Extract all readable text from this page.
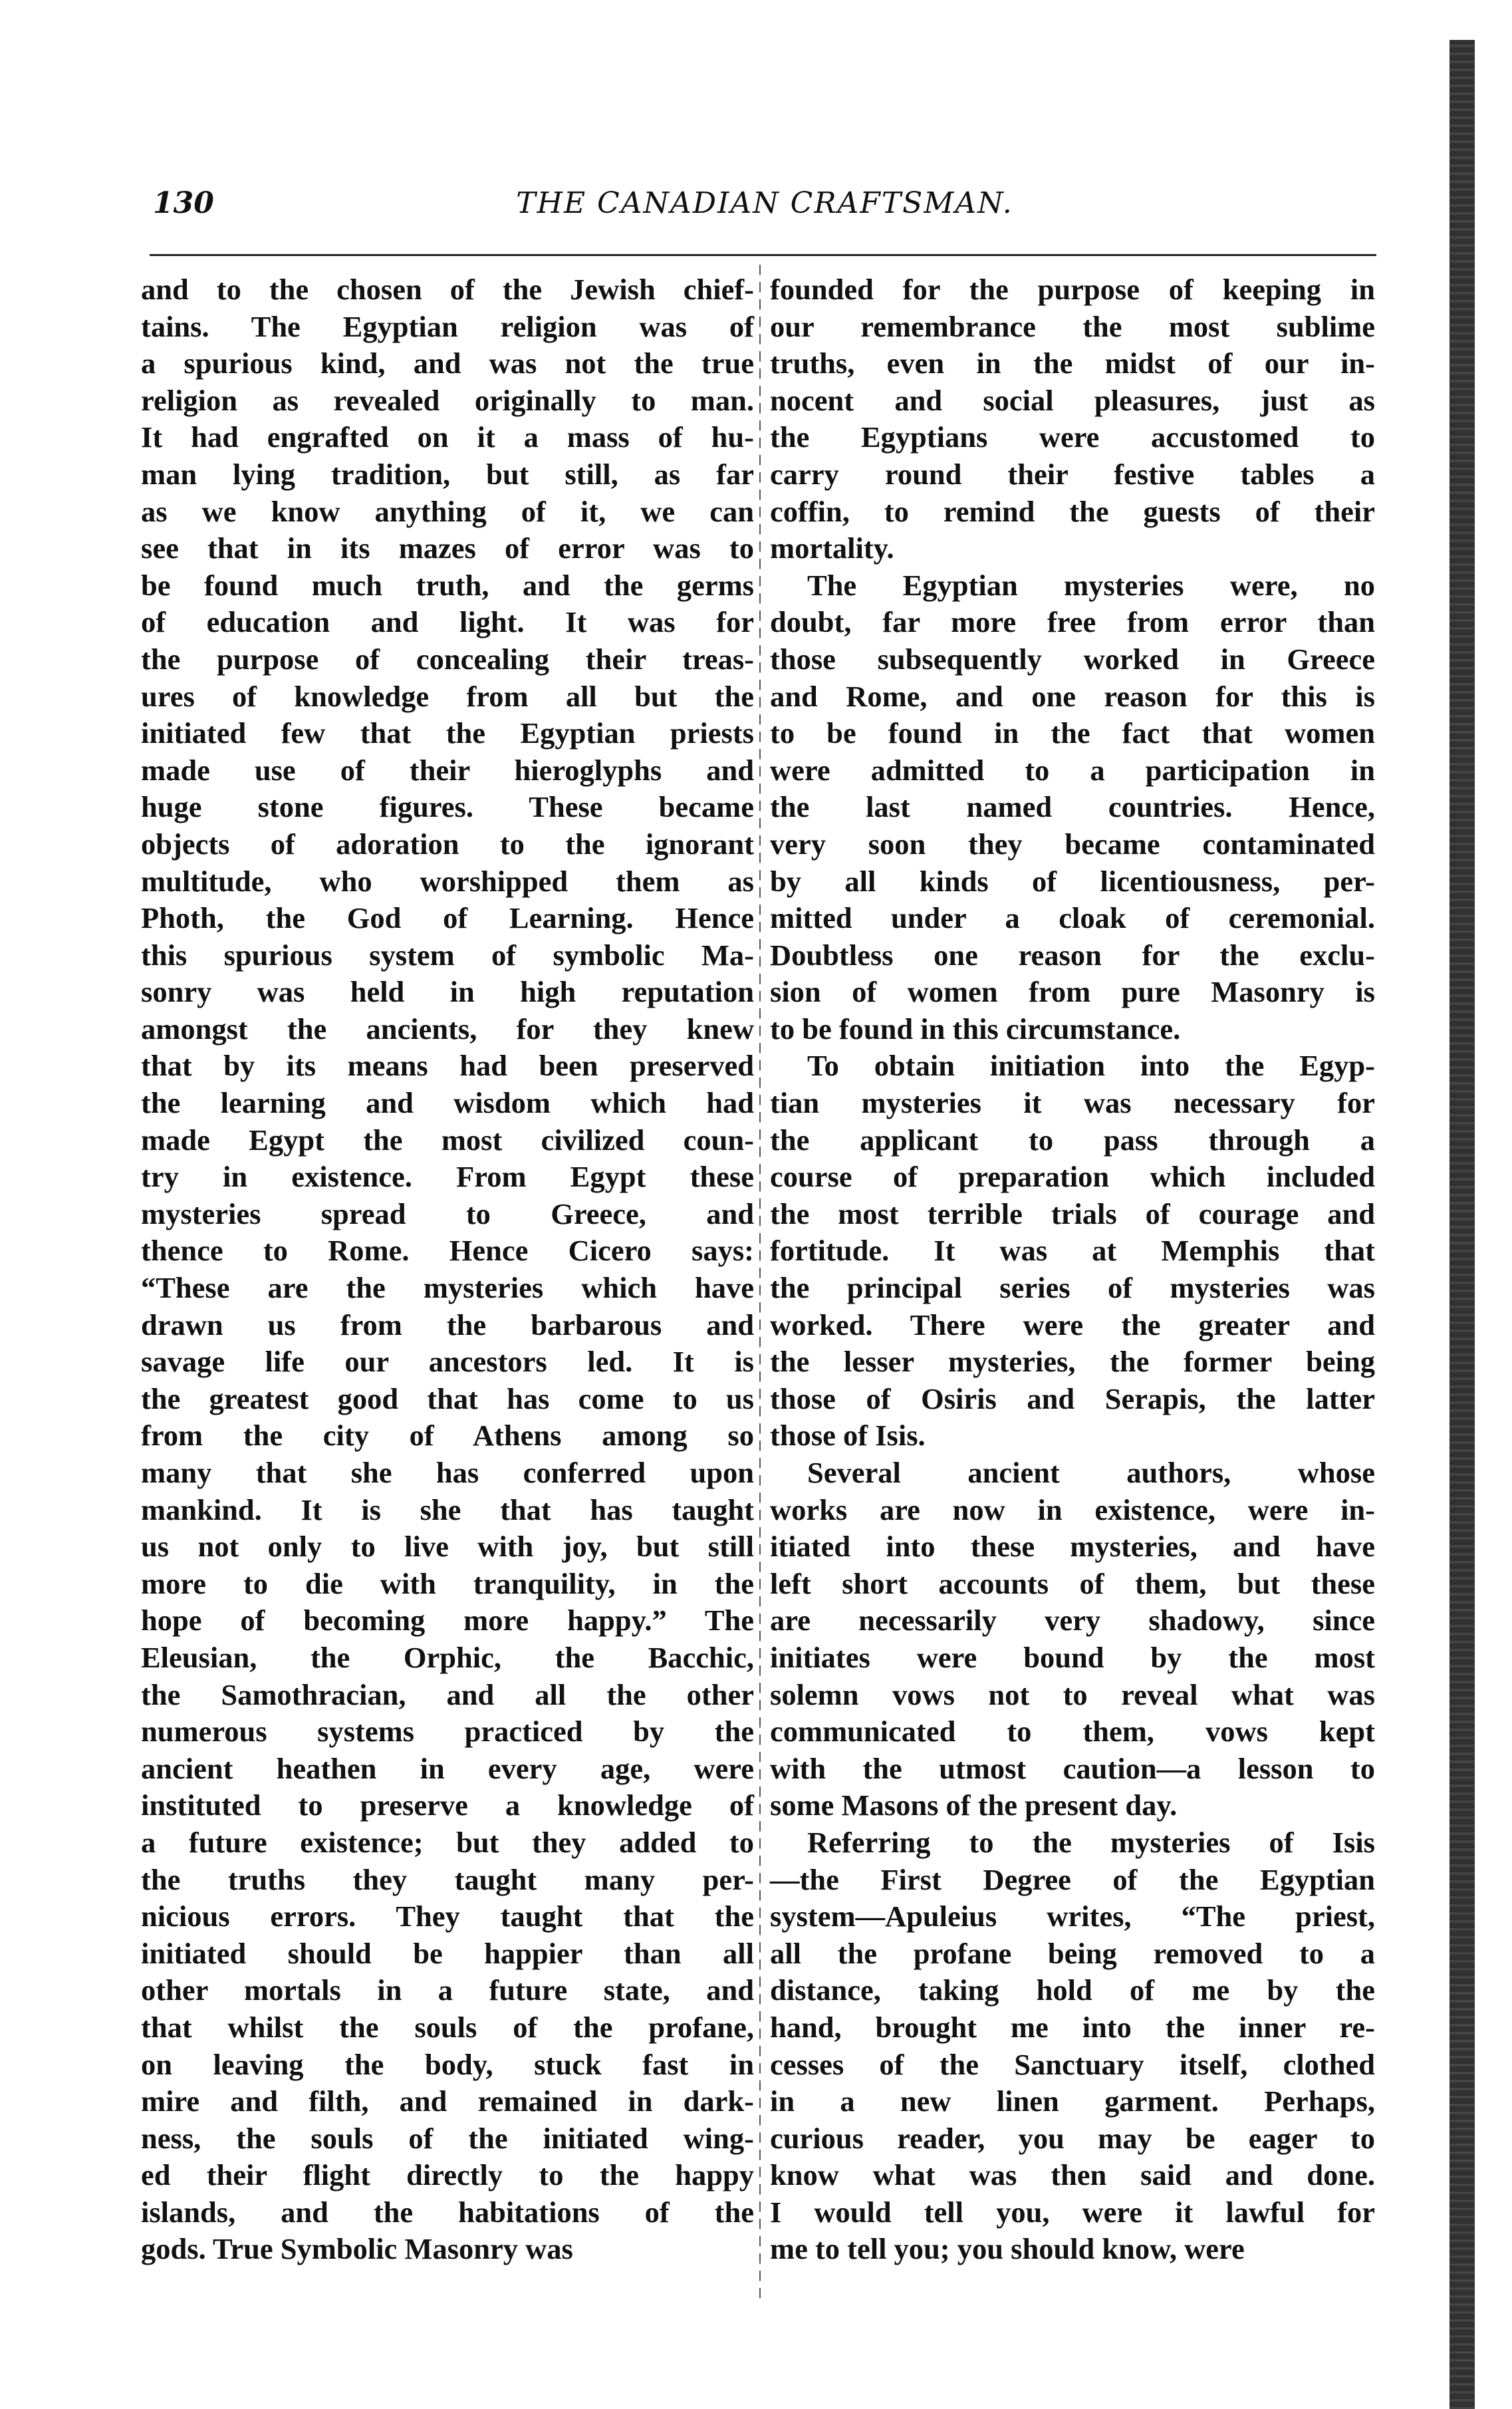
130	THE CANADIAN CRAFTSMAN.
and to the chosen of the Jewish chief-
tains. The Egyptian religion was of
a spurious kind, and was not the true
religion as revealed originally to man.
It had engrafted on it a mass of hu-
man lying tradition, but still, as far
as we know anything of it, we can
see that in its mazes of error was to
be found much truth, and the germs
of education and light. It was for
the purpose of concealing their treas-
ures of knowledge from all but the
initiated few that the Egyptian priests
made use of their hieroglyphs and
huge stone figures. These became
objects of adoration to the ignorant
multitude, who worshipped them as
Photh, the God of Learning. Hence
this spurious system of symbolic Ma-
sonry was held in high reputation
amongst the ancients, for they knew
that by its means had been preserved
the learning and wisdom which had
made Egypt the most civilized coun-
try in existence. From Egypt these
mysteries spread to Greece, and
thence to Rome. Hence Cicero says:
“These are the mysteries which have
drawn us from the barbarous and
savage life our ancestors led. It is
the greatest good that has come to us
from the city of Athens among so
many that she has conferred upon
mankind. It is she that has taught
us not only to live with joy, but still
more to die with tranquility, in the
hope of becoming more happy.” The
Eleusian, the Orphic, the Bacchic,
the Samothracian, and all the other
numerous systems practiced by the
ancient heathen in every age, were
instituted to preserve a knowledge of
a future existence; but they added to
the truths they taught many per-
nicious errors. They taught that the
initiated should be happier than all
other mortals in a future state, and
that whilst the souls of the profane,
on leaving the body, stuck fast in
mire and filth, and remained in dark-
ness, the souls of the initiated wing-
ed their flight directly to the happy
islands, and the habitations of the
gods. True Symbolic Masonry was
founded for the purpose of keeping in
our remembrance the most sublime
truths, even in the midst of our in-
nocent and social pleasures, just as
the Egyptians were accustomed to
carry round their festive tables a
coffin, to remind the guests of their
mortality.
The Egyptian mysteries were, no
doubt, far more free from error than
those subsequently worked in Greece
and Rome, and one reason for this is
to be found in the fact that women
were admitted to a participation in
the last named countries. Hence,
very soon they became contaminated
by all kinds of licentiousness, per-
mitted under a cloak of ceremonial.
Doubtless one reason for the exclu-
sion of women from pure Masonry is
to be found in this circumstance.
To obtain initiation into the Egyp-
tian mysteries it was necessary for
the applicant to pass through a
course of preparation which included
the most terrible trials of courage and
fortitude. It was at Memphis that
the principal series of mysteries was
worked. There were the greater and
the lesser mysteries, the former being
those of Osiris and Serapis, the latter
those of Isis.
Several ancient authors, whose
works are now in existence, were in-
itiated into these mysteries, and have
left short accounts of them, but these
are necessarily very shadowy, since
initiates were bound by the most
solemn vows not to reveal what was
communicated to them, vows kept
with the utmost caution—a lesson to
some Masons of the present day.
Referring to the mysteries of Isis
—the First Degree of the Egyptian
system—Apuleius writes, “The priest,
all the profane being removed to a
distance, taking hold of me by the
hand, brought me into the inner re-
cesses of the Sanctuary itself, clothed
in a new linen garment. Perhaps,
curious reader, you may be eager to
know what was then said and done.
I would tell you, were it lawful for
me to tell you; you should know, were
